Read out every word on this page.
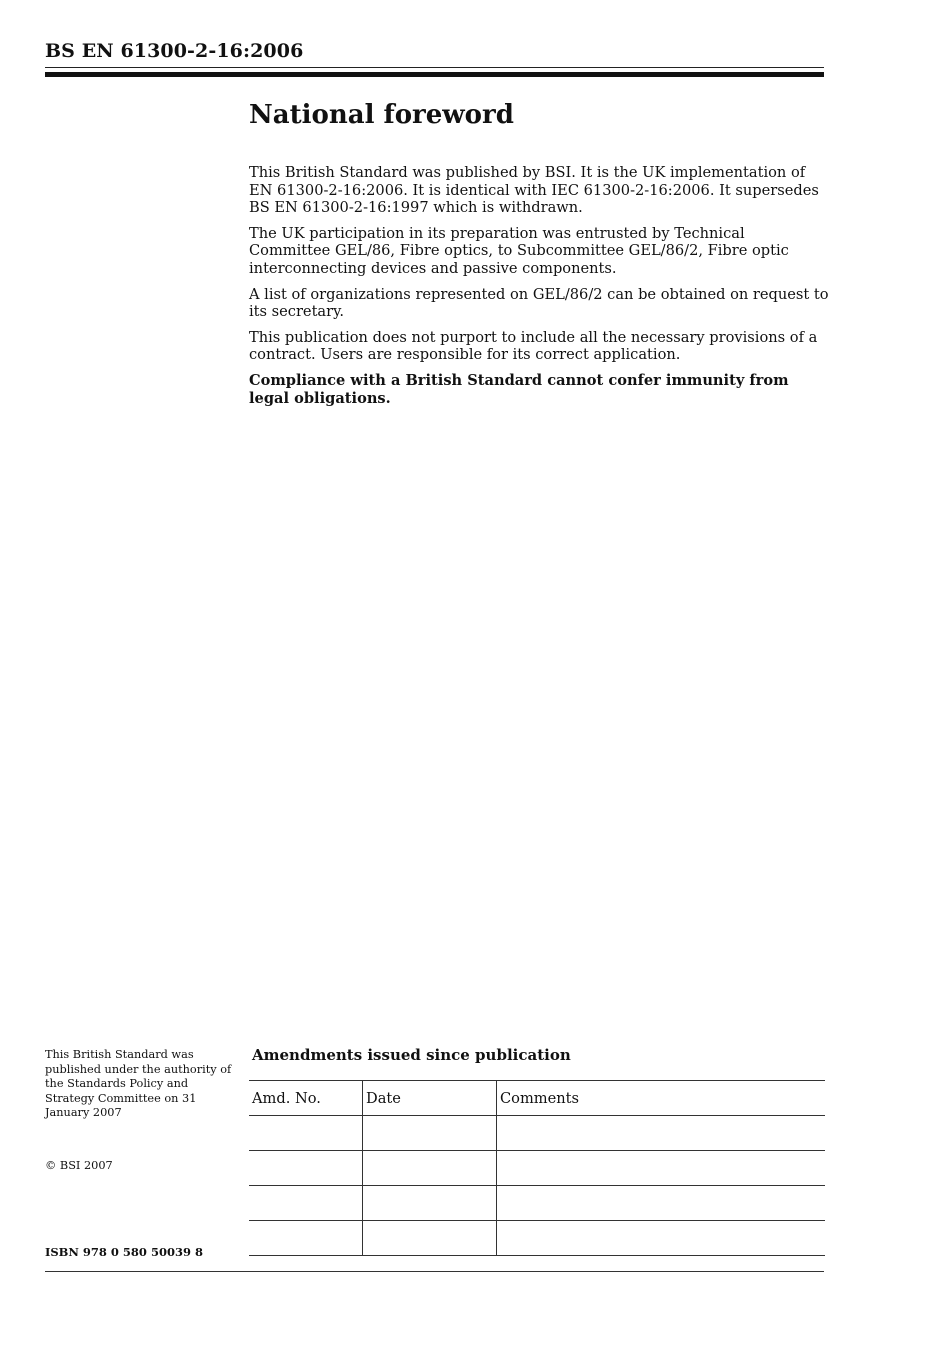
BS EN 61300-2-16:2006
National foreword

This British Standard was published by BSI. It is the UK implementation of EN 61300-2-16:2006. It is identical with IEC 61300-2-16:2006. It supersedes BS EN 61300-2-16:1997 which is withdrawn.

The UK participation in its preparation was entrusted by Technical Committee GEL/86, Fibre optics, to Subcommittee GEL/86/2, Fibre optic interconnecting devices and passive components.

A list of organizations represented on GEL/86/2 can be obtained on request to its secretary.

This publication does not purport to include all the necessary provisions of a contract. Users are responsible for its correct application.

Compliance with a British Standard cannot confer immunity from legal obligations.

This British Standard was published under the authority of the Standards Policy and Strategy Committee on 31 January 2007
© BSI 2007
ISBN 978 0 580 50039 8
Amendments issued since publication
Amd. No.	Date	Comments
